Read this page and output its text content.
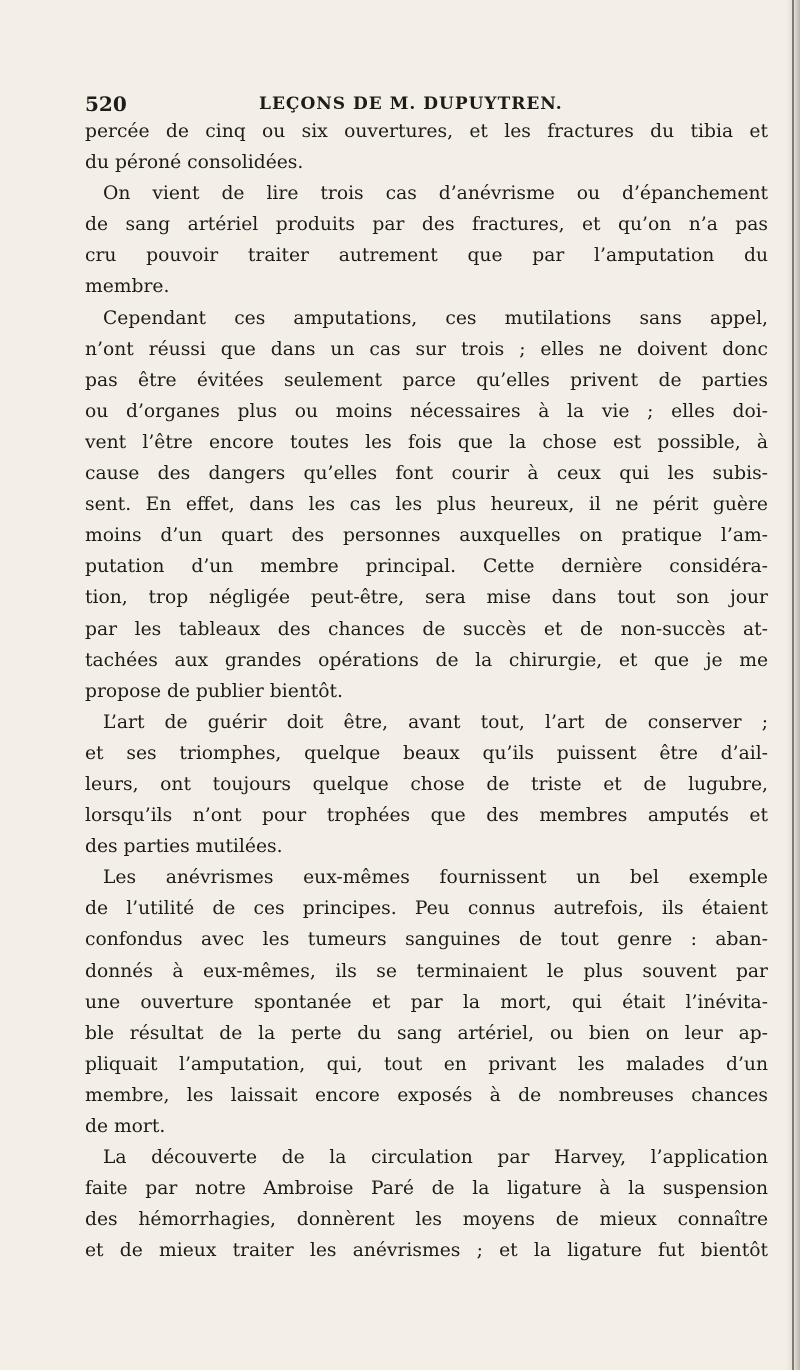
520	LEÇONS DE M. DUPUYTREN.
percée de cinq ou six ouvertures, et les fractures du tibia et
du péroné consolidées.
On vient de lire trois cas d’anévrisme ou d’épanchement
de sang artériel produits par des fractures, et qu’on n’a pas
cru pouvoir traiter autrement que par l’amputation du
membre.
Cependant ces amputations, ces mutilations sans appel,
n’ont réussi que dans un cas sur trois ; elles ne doivent donc
pas être évitées seulement parce qu’elles privent de parties
ou d’organes plus ou moins nécessaires à la vie ; elles doi-
vent l’être encore toutes les fois que la chose est possible, à
cause des dangers qu’elles font courir à ceux qui les subis-
sent. En effet, dans les cas les plus heureux, il ne périt guère
moins d’un quart des personnes auxquelles on pratique l’am-
putation d’un membre principal. Cette dernière considéra-
tion, trop négligée peut-être, sera mise dans tout son jour
par les tableaux des chances de succès et de non-succès at-
tachées aux grandes opérations de la chirurgie, et que je me
propose de publier bientôt.
L’art de guérir doit être, avant tout, l’art de conserver ;
et ses triomphes, quelque beaux qu’ils puissent être d’ail-
leurs, ont toujours quelque chose de triste et de lugubre,
lorsqu’ils n’ont pour trophées que des membres amputés et
des parties mutilées.
Les anévrismes eux-mêmes fournissent un bel exemple
de l’utilité de ces principes. Peu connus autrefois, ils étaient
confondus avec les tumeurs sanguines de tout genre : aban-
donnés à eux-mêmes, ils se terminaient le plus souvent par
une ouverture spontanée et par la mort, qui était l’inévita-
ble résultat de la perte du sang artériel, ou bien on leur ap-
pliquait l’amputation, qui, tout en privant les malades d’un
membre, les laissait encore exposés à de nombreuses chances
de mort.
La découverte de la circulation par Harvey, l’application
faite par notre Ambroise Paré de la ligature à la suspension
des hémorrhagies, donnèrent les moyens de mieux connaître
et de mieux traiter les anévrismes ; et la ligature fut bientôt
